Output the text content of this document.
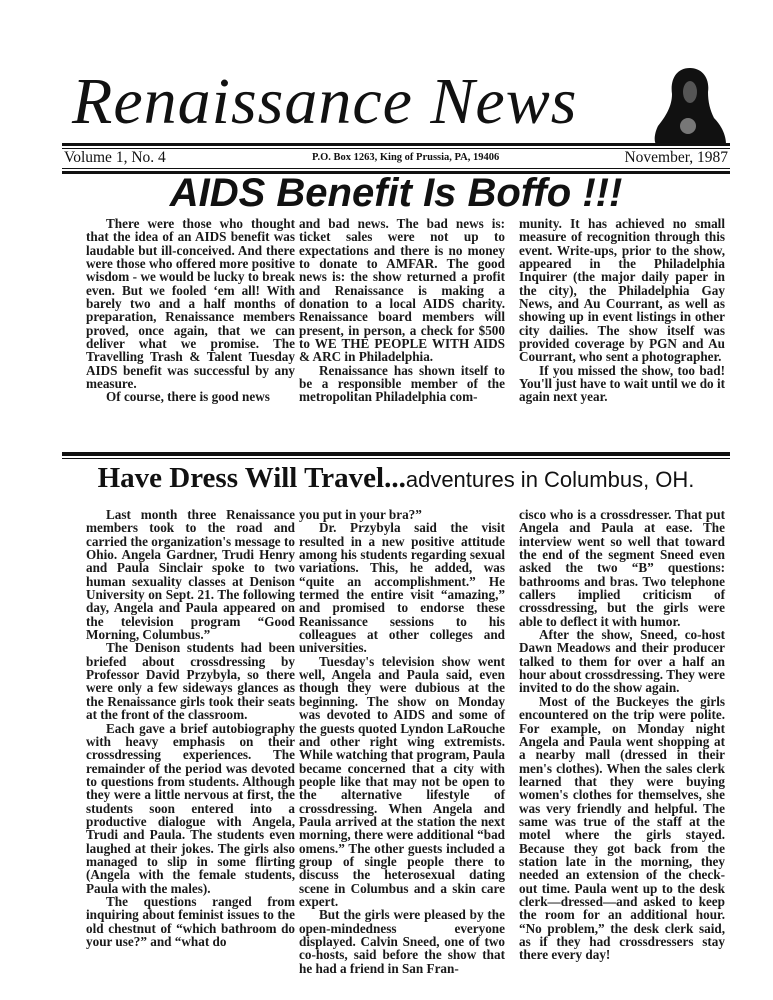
Renaissance News
Volume 1, No. 4	P.O. Box 1263, King of Prussia, PA, 19406	November, 1987
AIDS Benefit Is Boffo !!!

There were those who thought that the idea of an AIDS benefit was laudable but ill-conceived. And there were those who offered more positive wisdom - we would be lucky to break even. But we fooled ‘em all! With barely two and a half months of preparation, Renaissance members proved, once again, that we can deliver what we promise. The Travelling Trash & Talent Tuesday AIDS benefit was successful by any measure.

Of course, there is good news

and bad news. The bad news is: ticket sales were not up to expectations and there is no money to donate to AMFAR. The good news is: the show returned a profit and Renaissance is making a donation to a local AIDS charity. Renaissance board members will present, in person, a check for $500 to WE THE PEOPLE WITH AIDS & ARC in Philadelphia.

Renaissance has shown itself to be a responsible member of the metropolitan Philadelphia com-

munity. It has achieved no small measure of recognition through this event. Write-ups, prior to the show, appeared in the Philadelphia Inquirer (the major daily paper in the city), the Philadelphia Gay News, and Au Courrant, as well as showing up in event listings in other city dailies. The show itself was provided coverage by PGN and Au Courrant, who sent a photographer.

If you missed the show, too bad! You'll just have to wait until we do it again next year.

Have Dress Will Travel...adventures in Columbus, OH.

Last month three Renaissance members took to the road and carried the organization's message to Ohio. Angela Gardner, Trudi Henry and Paula Sinclair spoke to two human sexuality classes at Denison University on Sept. 21. The following day, Angela and Paula appeared on the television program “Good Morning, Columbus.”

The Denison students had been briefed about crossdressing by Professor David Przybyla, so there were only a few sideways glances as the Renaissance girls took their seats at the front of the classroom.

Each gave a brief autobiography with heavy emphasis on their crossdressing experiences. The remainder of the period was devoted to questions from students. Although they were a little nervous at first, the students soon entered into a productive dialogue with Angela, Trudi and Paula. The students even laughed at their jokes. The girls also managed to slip in some flirting (Angela with the female students, Paula with the males).

The questions ranged from inquiring about feminist issues to the old chestnut of “which bathroom do your use?” and “what do

you put in your bra?”

Dr. Przybyla said the visit resulted in a new positive attitude among his students regarding sexual variations. This, he added, was “quite an accomplishment.” He termed the entire visit “amazing,” and promised to endorse these Reanissance sessions to his colleagues at other colleges and universities.

Tuesday's television show went well, Angela and Paula said, even though they were dubious at the beginning. The show on Monday was devoted to AIDS and some of the guests quoted Lyndon LaRouche and other right wing extremists. While watching that program, Paula became concerned that a city with people like that may not be open to the alternative lifestyle of crossdressing. When Angela and Paula arrived at the station the next morning, there were additional “bad omens.” The other guests included a group of single people there to discuss the heterosexual dating scene in Columbus and a skin care expert.

But the girls were pleased by the open-mindedness everyone displayed. Calvin Sneed, one of two co-hosts, said before the show that he had a friend in San Fran-

cisco who is a crossdresser. That put Angela and Paula at ease. The interview went so well that toward the end of the segment Sneed even asked the two “B” questions: bathrooms and bras. Two telephone callers implied criticism of crossdressing, but the girls were able to deflect it with humor.

After the show, Sneed, co-host Dawn Meadows and their producer talked to them for over a half an hour about crossdressing. They were invited to do the show again.

Most of the Buckeyes the girls encountered on the trip were polite. For example, on Monday night Angela and Paula went shopping at a nearby mall (dressed in their men's clothes). When the sales clerk learned that they were buying women's clothes for themselves, she was very friendly and helpful. The same was true of the staff at the motel where the girls stayed. Because they got back from the station late in the morning, they needed an extension of the check-out time. Paula went up to the desk clerk—dressed—and asked to keep the room for an additional hour. “No problem,” the desk clerk said, as if they had crossdressers stay there every day!
